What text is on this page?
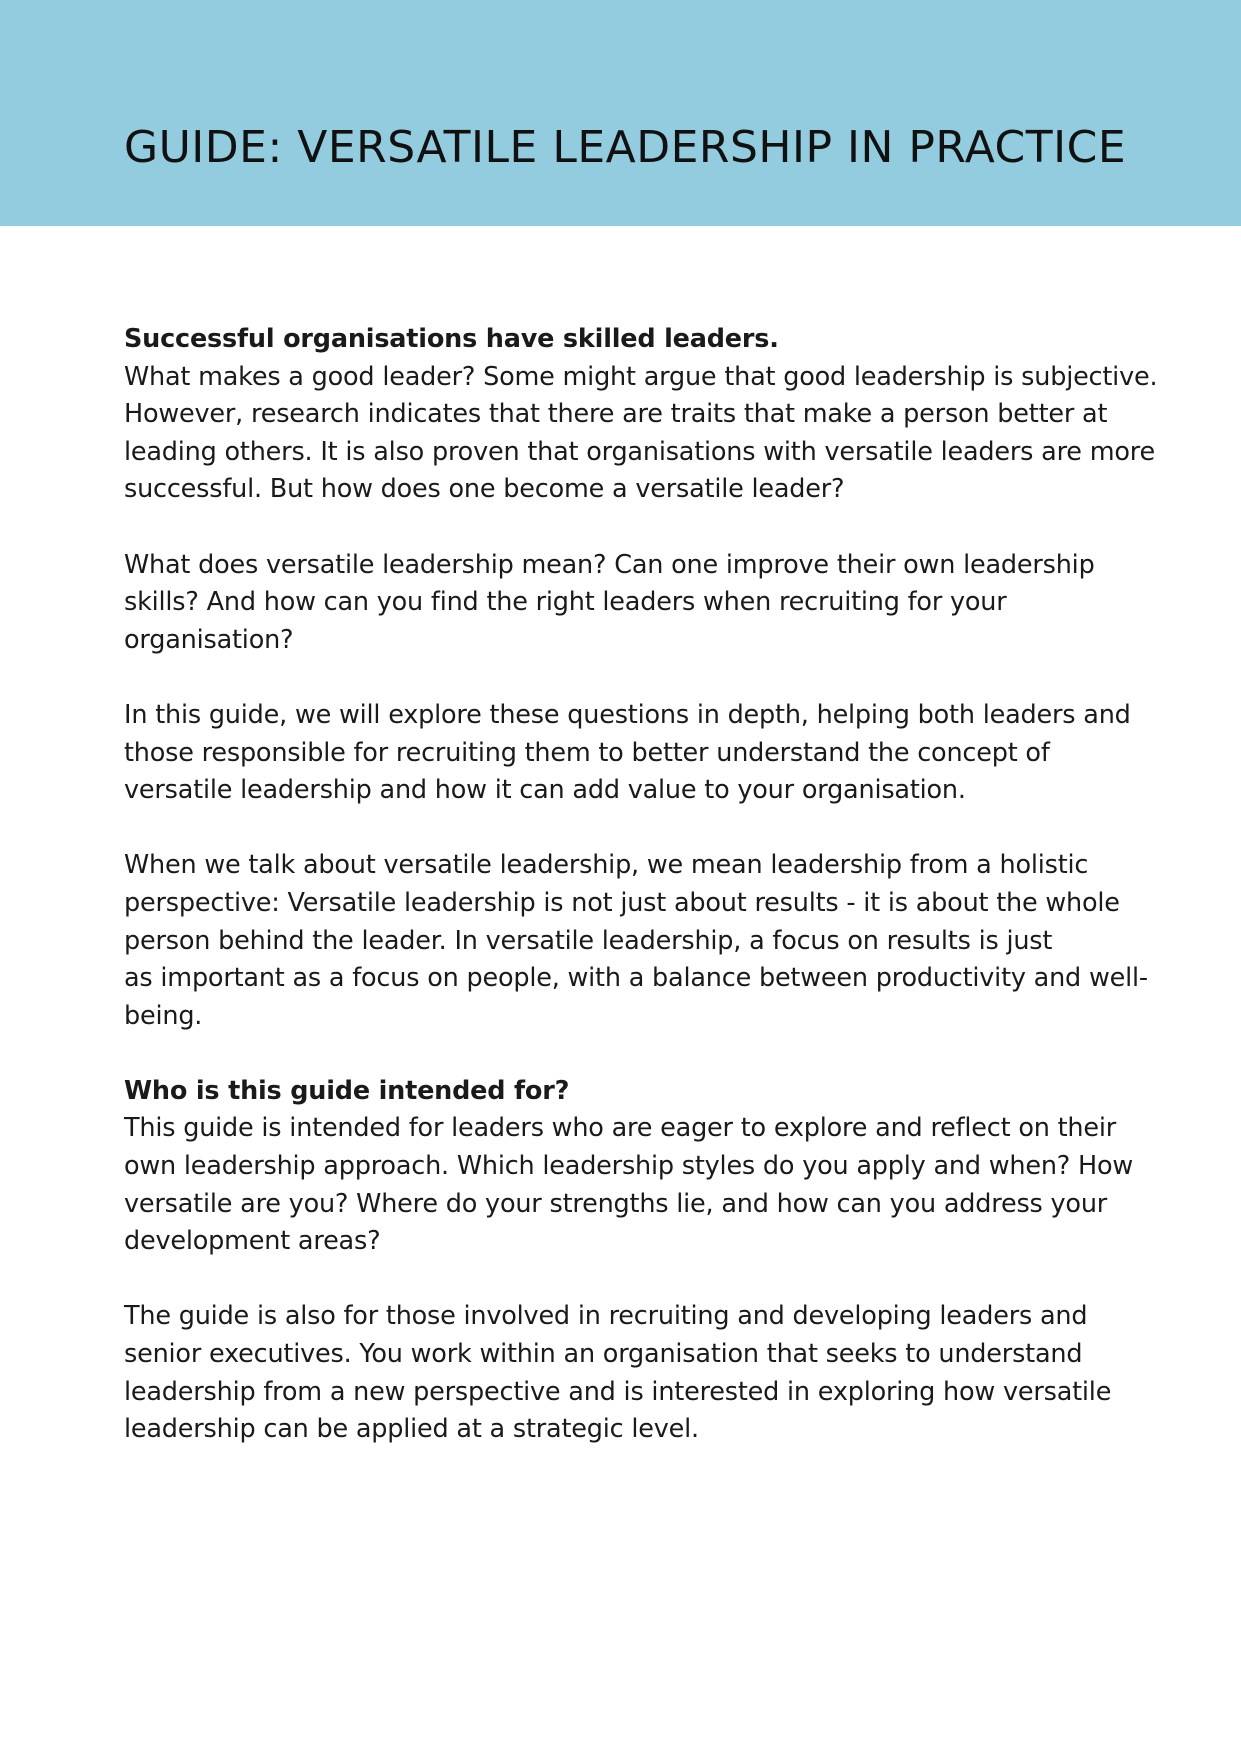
GUIDE: VERSATILE LEADERSHIP IN PRACTICE
Successful organisations have skilled leaders.

What makes a good leader? Some might argue that good leadership is subjective.
However, research indicates that there are traits that make a person better at
leading others. It is also proven that organisations with versatile leaders are more
successful. But how does one become a versatile leader?

What does versatile leadership mean? Can one improve their own leadership
skills? And how can you find the right leaders when recruiting for your
organisation?

In this guide, we will explore these questions in depth, helping both leaders and
those responsible for recruiting them to better understand the concept of
versatile leadership and how it can add value to your organisation.

When we talk about versatile leadership, we mean leadership from a holistic
perspective: Versatile leadership is not just about results - it is about the whole
person behind the leader. In versatile leadership, a focus on results is just
as important as a focus on people, with a balance between productivity and well-
being.

Who is this guide intended for?

This guide is intended for leaders who are eager to explore and reflect on their
own leadership approach. Which leadership styles do you apply and when? How
versatile are you? Where do your strengths lie, and how can you address your
development areas?

The guide is also for those involved in recruiting and developing leaders and
senior executives. You work within an organisation that seeks to understand
leadership from a new perspective and is interested in exploring how versatile
leadership can be applied at a strategic level.
